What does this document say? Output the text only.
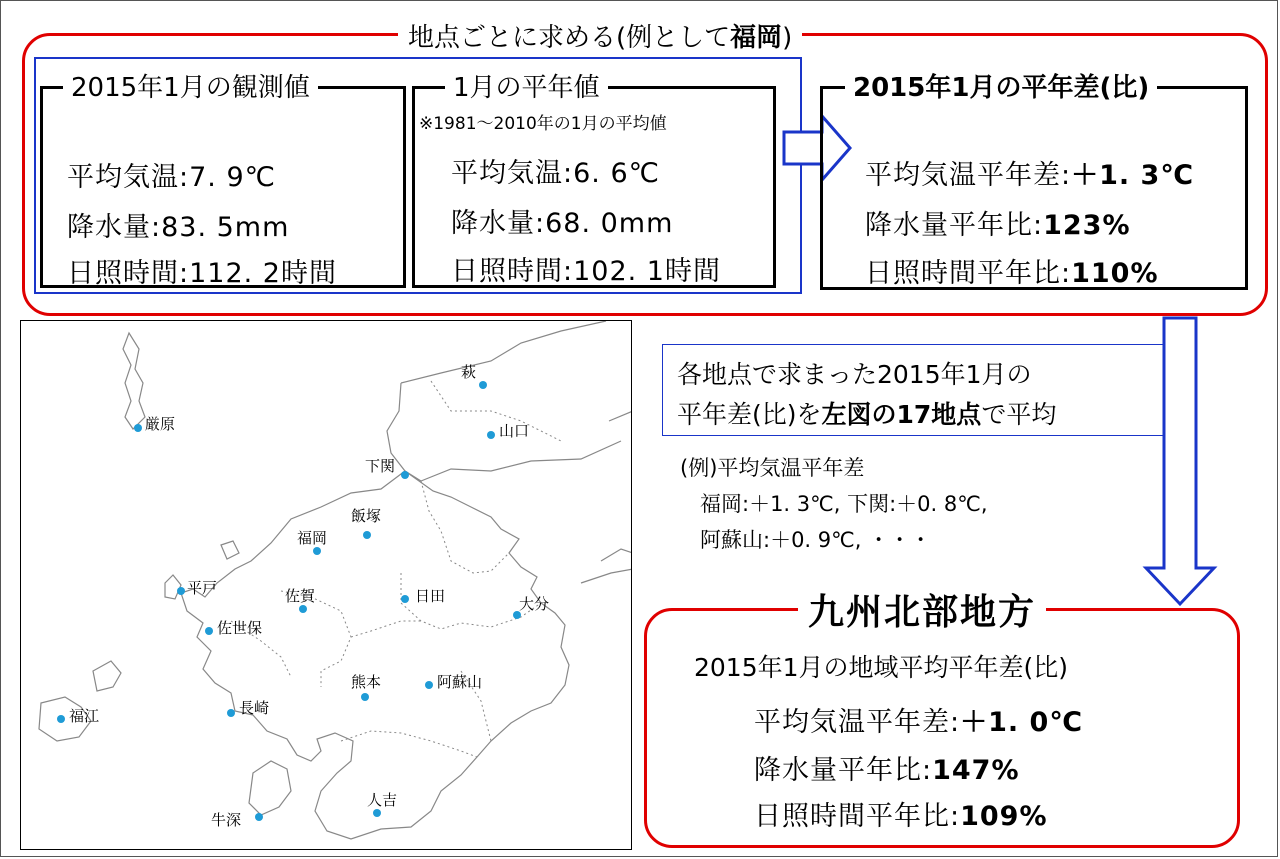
地点ごとに求める(例として福岡)
2015年1月の観測値
平均気温:7. 9℃
降水量:83. 5mm
日照時間:112. 2時間
1月の平年値
※1981～2010年の1月の平均値
平均気温:6. 6℃
降水量:68. 0mm
日照時間:102. 1時間
2015年1月の平年差(比)
平均気温平年差:＋1. 3℃
降水量平年比:123%
日照時間平年比:110%
厳原
萩
山口
下関
飯塚
福岡
平戸	佐賀	日田	大分
佐世保
熊本	阿蘇山
福江	長崎
人吉
牛深
各地点で求まった2015年1月の
平年差(比)を左図の17地点で平均
(例)平均気温平年差
福岡:＋1. 3℃, 下関:＋0. 8℃,
阿蘇山:＋0. 9℃, ・・・
九州北部地方
2015年1月の地域平均平年差(比)
平均気温平年差:＋1. 0℃
降水量平年比:147%
日照時間平年比:109%
